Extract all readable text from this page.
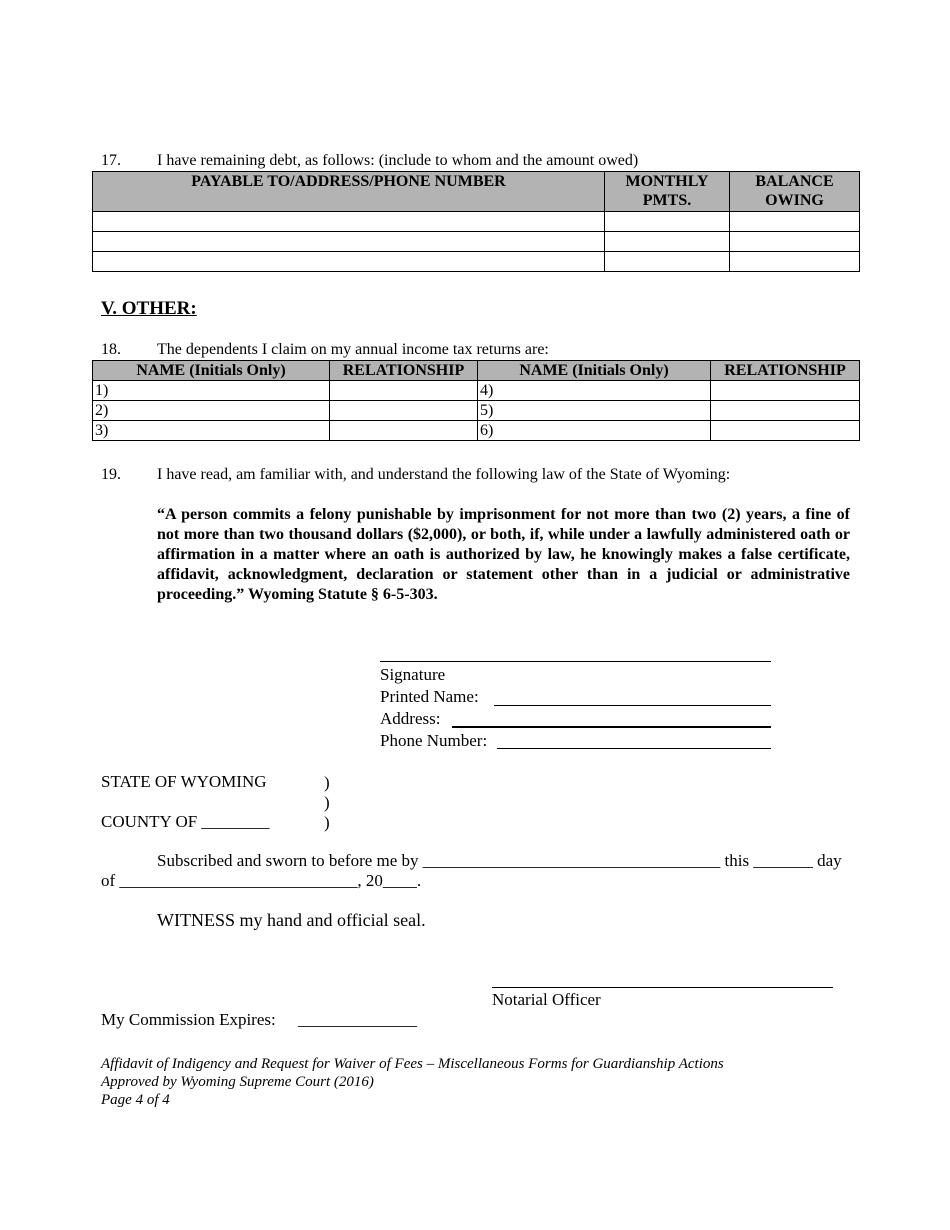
17. I have remaining debt, as follows: (include to whom and the amount owed)
PAYABLE TO/ADDRESS/PHONE NUMBER	MONTHLY PMTS.	BALANCE OWING

V. OTHER:
18. The dependents I claim on my annual income tax returns are:
NAME (Initials Only)	RELATIONSHIP	NAME (Initials Only)	RELATIONSHIP
1)		4)	
2)		5)	
3)		6)	
19. I have read, am familiar with, and understand the following law of the State of Wyoming:
“A person commits a felony punishable by imprisonment for not more than two (2) years, a fine of not more than two thousand dollars ($2,000), or both, if, while under a lawfully administered oath or affirmation in a matter where an oath is authorized by law, he knowingly makes a false certificate, affidavit, acknowledgment, declaration or statement other than in a judicial or administrative proceeding.” Wyoming Statute § 6-5-303.
Signature
Printed Name:
Address:
Phone Number:
STATE OF WYOMING	)
)
COUNTY OF ________	)
Subscribed and sworn to before me by ___________________________________ this _______ day
of ____________________________, 20____.
WITNESS my hand and official seal.
Notarial Officer
My Commission Expires: ______________
Affidavit of Indigency and Request for Waiver of Fees – Miscellaneous Forms for Guardianship Actions
Approved by Wyoming Supreme Court (2016)
Page 4 of 4
